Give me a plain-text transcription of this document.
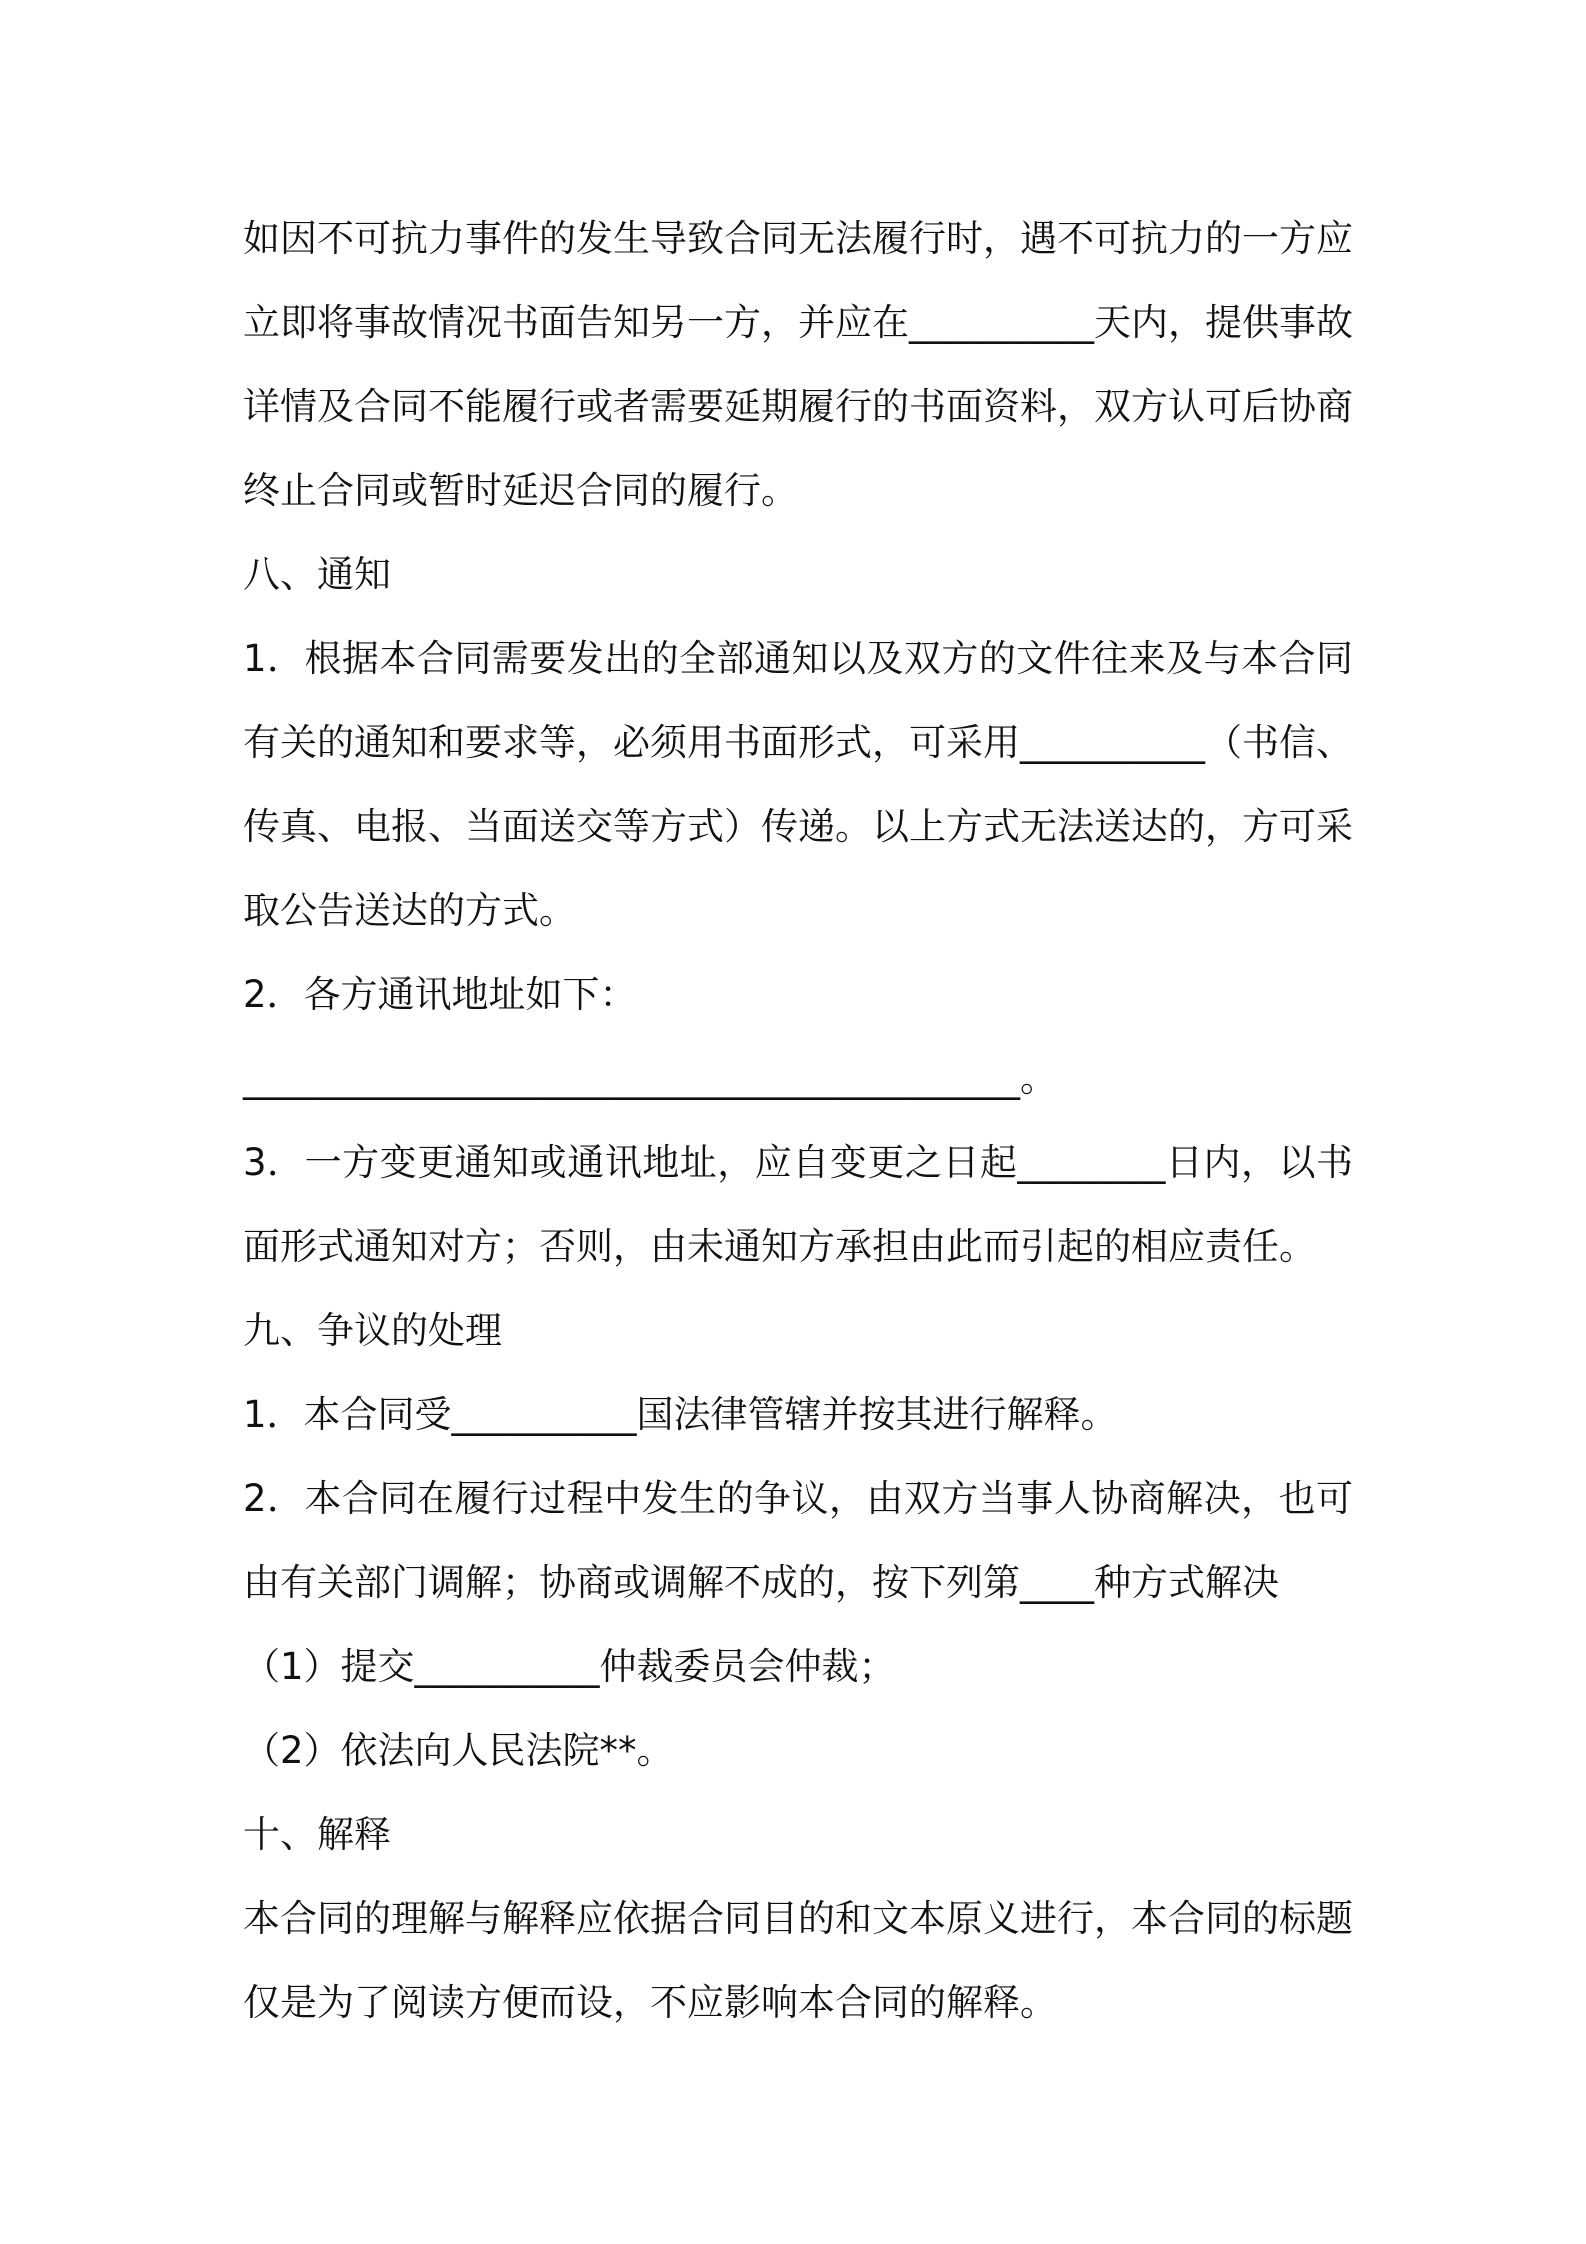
如因不可抗力事件的发生导致合同无法履行时，遇不可抗力的一方应
立即将事故情况书面告知另一方，并应在__________天内，提供事故
详情及合同不能履行或者需要延期履行的书面资料，双方认可后协商
终止合同或暂时延迟合同的履行。
八、通知
1．根据本合同需要发出的全部通知以及双方的文件往来及与本合同
有关的通知和要求等，必须用书面形式，可采用__________（书信、
传真、电报、当面送交等方式）传递。以上方式无法送达的，方可采
取公告送达的方式。
2．各方通讯地址如下：
__________________________________________。
3．一方变更通知或通讯地址，应自变更之日起________日内，以书
面形式通知对方；否则，由未通知方承担由此而引起的相应责任。
九、争议的处理
1．本合同受__________国法律管辖并按其进行解释。
2．本合同在履行过程中发生的争议，由双方当事人协商解决，也可
由有关部门调解；协商或调解不成的，按下列第____种方式解决
（1）提交__________仲裁委员会仲裁；
（2）依法向人民法院**。
十、解释
本合同的理解与解释应依据合同目的和文本原义进行，本合同的标题
仅是为了阅读方便而设，不应影响本合同的解释。
